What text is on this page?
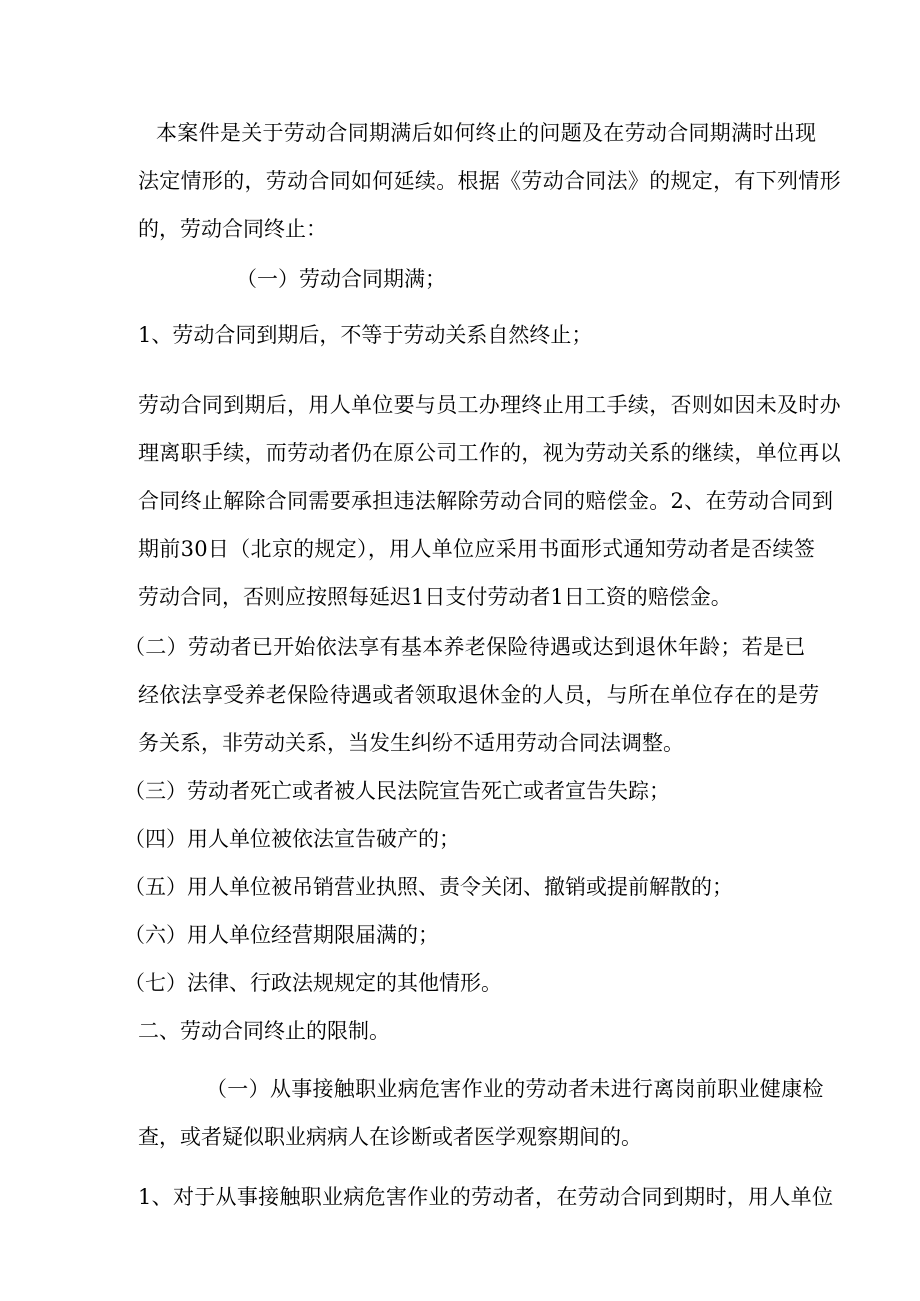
本案件是关于劳动合同期满后如何终止的问题及在劳动合同期满时出现
法定情形的，劳动合同如何延续。根据《劳动合同法》的规定，有下列情形
的，劳动合同终止：
（一）劳动合同期满；
1、劳动合同到期后，不等于劳动关系自然终止；
劳动合同到期后，用人单位要与员工办理终止用工手续，否则如因未及时办
理离职手续，而劳动者仍在原公司工作的，视为劳动关系的继续，单位再以
合同终止解除合同需要承担违法解除劳动合同的赔偿金。2、在劳动合同到
期前30日（北京的规定），用人单位应采用书面形式通知劳动者是否续签
劳动合同，否则应按照每延迟1日支付劳动者1日工资的赔偿金。
（二）劳动者已开始依法享有基本养老保险待遇或达到退休年龄；若是已
经依法享受养老保险待遇或者领取退休金的人员，与所在单位存在的是劳
务关系，非劳动关系，当发生纠纷不适用劳动合同法调整。
（三）劳动者死亡或者被人民法院宣告死亡或者宣告失踪；
（四）用人单位被依法宣告破产的；
（五）用人单位被吊销营业执照、责令关闭、撤销或提前解散的；
（六）用人单位经营期限届满的；
（七）法律、行政法规规定的其他情形。
二、劳动合同终止的限制。
（一）从事接触职业病危害作业的劳动者未进行离岗前职业健康检
查，或者疑似职业病病人在诊断或者医学观察期间的。
1、对于从事接触职业病危害作业的劳动者，在劳动合同到期时，用人单位
